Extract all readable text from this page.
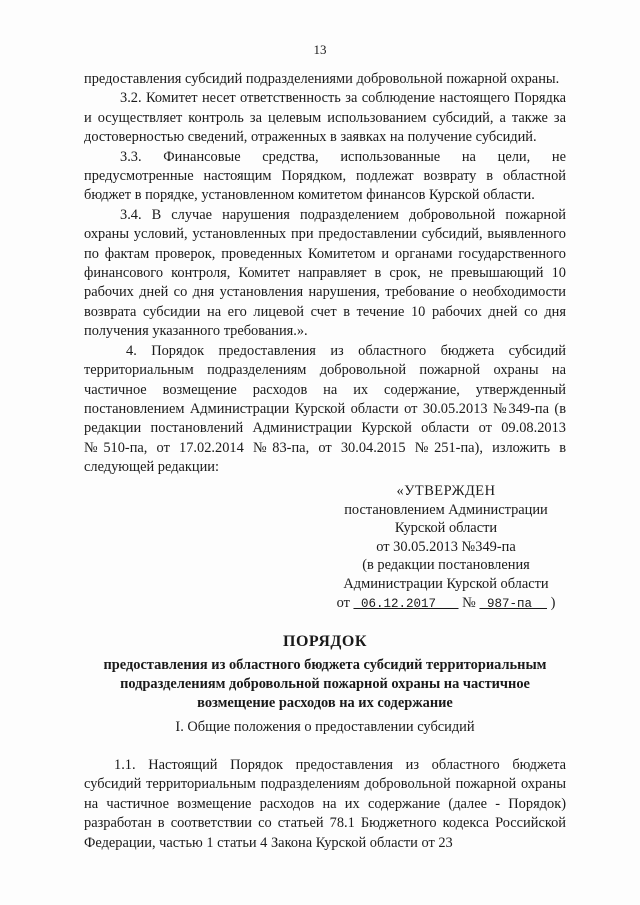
13

предоставления субсидий подразделениями добровольной пожарной охраны.

3.2. Комитет несет ответственность за соблюдение настоящего Порядка и осуществляет контроль за целевым использованием субсидий, а также за достоверностью сведений, отраженных в заявках на получение субсидий.

3.3. Финансовые средства, использованные на цели, не предусмотренные настоящим Порядком, подлежат возврату в областной бюджет в порядке, установленном комитетом финансов Курской области.

3.4. В случае нарушения подразделением добровольной пожарной охраны условий, установленных при предоставлении субсидий, выявленного по фактам проверок, проведенных Комитетом и органами государственного финансового контроля, Комитет направляет в срок, не превышающий 10 рабочих дней со дня установления нарушения, требование о необходимости возврата субсидии на его лицевой счет в течение 10 рабочих дней со дня получения указанного требования.».

4. Порядок предоставления из областного бюджета субсидий территориальным подразделениям добровольной пожарной охраны на частичное возмещение расходов на их содержание, утвержденный постановлением Администрации Курской области от 30.05.2013 №349-па (в редакции постановлений Администрации Курской области от 09.08.2013 №510-па, от 17.02.2014 №83-па, от 30.04.2015 №251-па), изложить в следующей редакции:

«УТВЕРЖДЕН
постановлением Администрации
Курской области
от 30.05.2013 №349-па
(в редакции постановления
Администрации Курской области
от 06.12.2017 № 987-па )
ПОРЯДОК
предоставления из областного бюджета субсидий территориальным подразделениям добровольной пожарной охраны на частичное возмещение расходов на их содержание
I. Общие положения о предоставлении субсидий

1.1. Настоящий Порядок предоставления из областного бюджета субсидий территориальным подразделениям добровольной пожарной охраны на частичное возмещение расходов на их содержание (далее - Порядок) разработан в соответствии со статьей 78.1 Бюджетного кодекса Российской Федерации, частью 1 статьи 4 Закона Курской области от 23
